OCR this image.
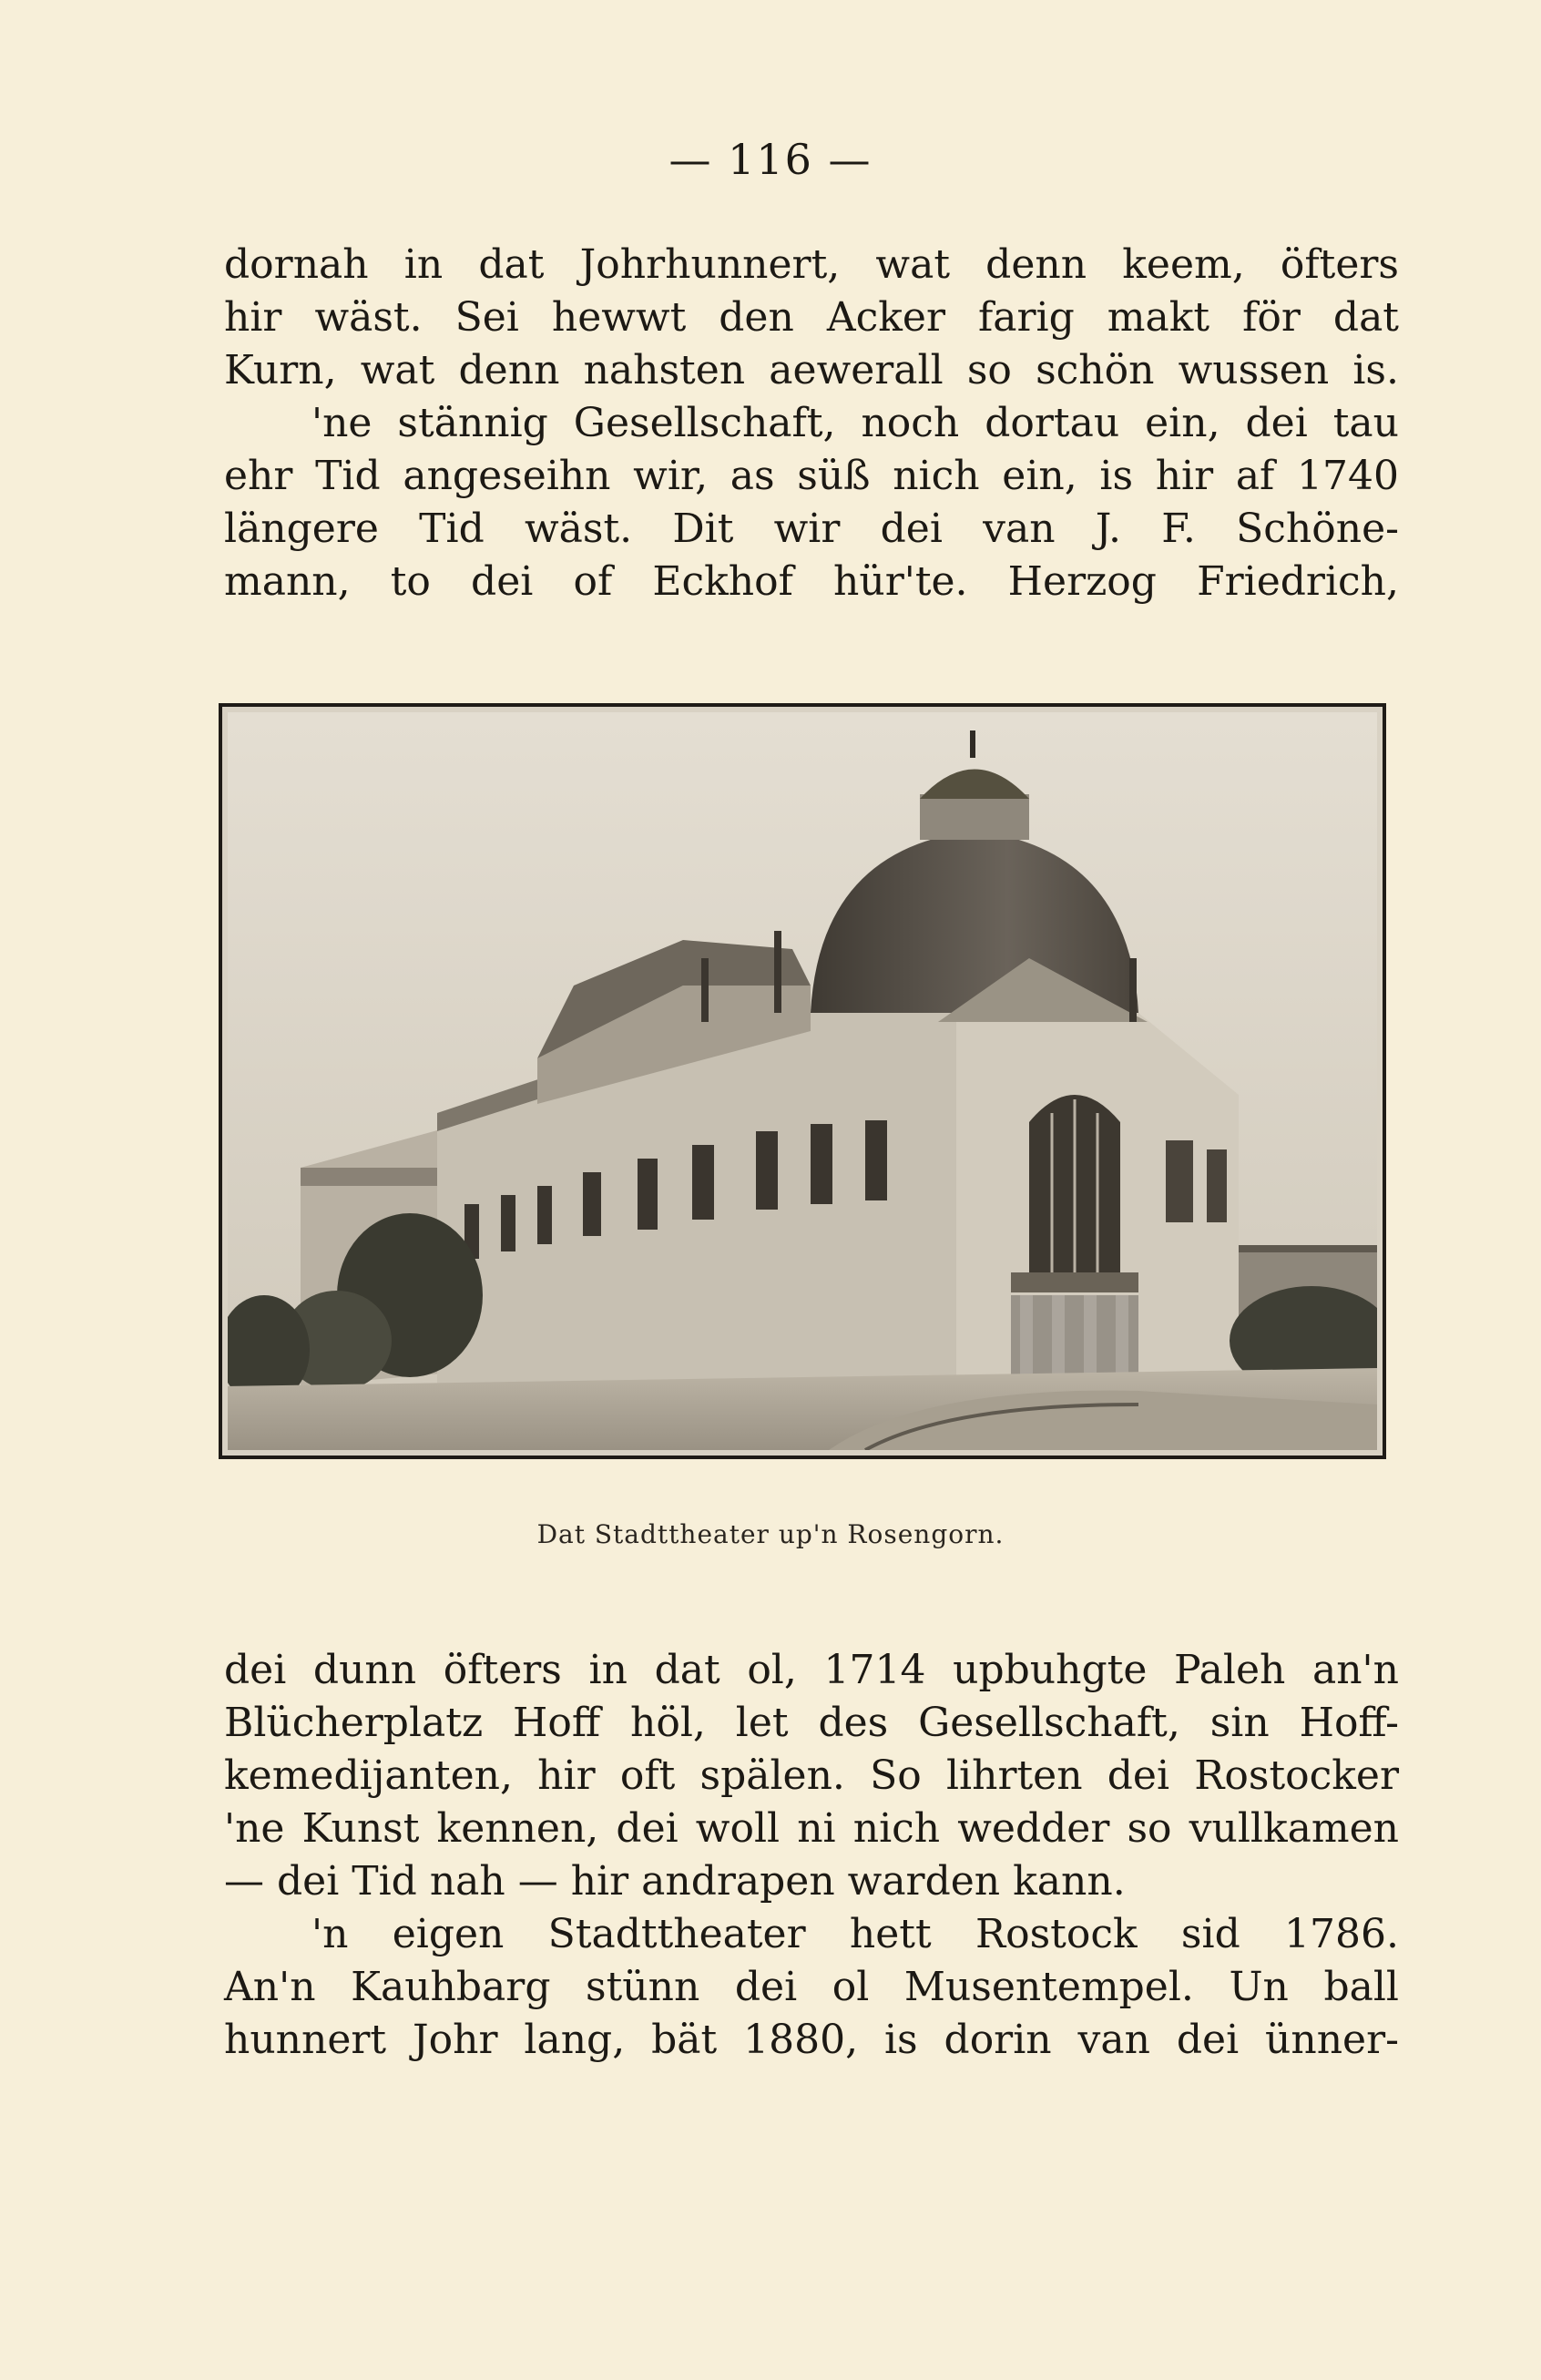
— 116 —
dornah in dat Johrhunnert, wat denn keem, öfters
hir wäst. Sei hewwt den Acker farig makt för dat
Kurn, wat denn nahsten aewerall so schön wussen is.
'ne stännig Gesellschaft, noch dortau ein, dei tau
ehr Tid angeseihn wir, as süß nich ein, is hir af 1740
längere Tid wäst. Dit wir dei van J. F. Schöne-
mann, to dei of Eckhof hür'te. Herzog Friedrich,
Dat Stadttheater up'n Rosengorn.
dei dunn öfters in dat ol, 1714 upbuhgte Paleh an'n
Blücherplatz Hoff höl, let des Gesellschaft, sin Hoff-
kemedijanten, hir oft spälen. So lihrten dei Rostocker
'ne Kunst kennen, dei woll ni nich wedder so vullkamen
— dei Tid nah — hir andrapen warden kann.
'n eigen Stadttheater hett Rostock sid 1786.
An'n Kauhbarg stünn dei ol Musentempel. Un ball
hunnert Johr lang, bät 1880, is dorin van dei ünner-
